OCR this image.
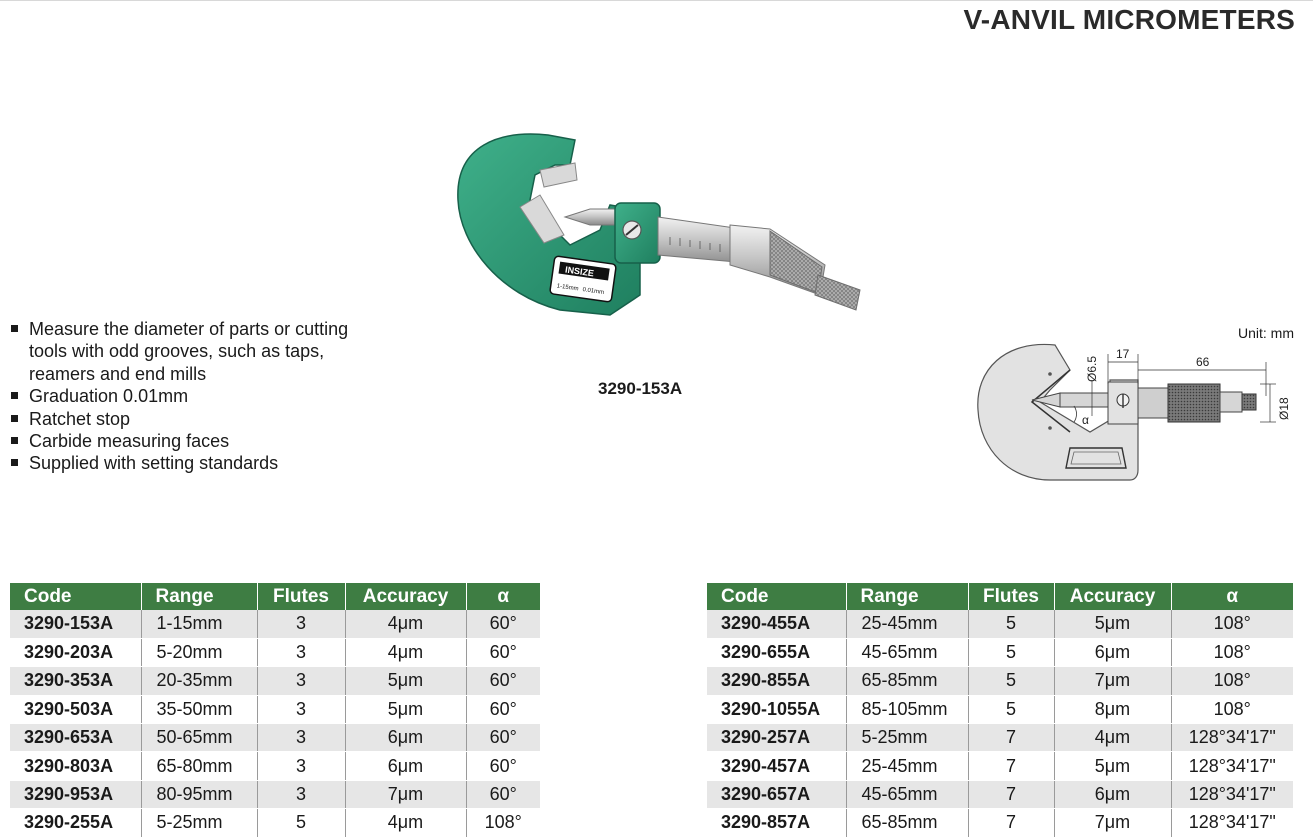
V-ANVIL MICROMETERS
INSIZE
1-15mm 0.01mm
3290-153A
Measure the diameter of parts or cutting tools with odd grooves, such as taps, reamers and end mills
Graduation 0.01mm
Ratchet stop
Carbide measuring faces
Supplied with setting standards
Unit: mm
α
Ø6.5
17
66
Ø18
Code	Range	Flutes	Accuracy	α
3290-153A	1-15mm	3	4μm	60°
3290-203A	5-20mm	3	4μm	60°
3290-353A	20-35mm	3	5μm	60°
3290-503A	35-50mm	3	5μm	60°
3290-653A	50-65mm	3	6μm	60°
3290-803A	65-80mm	3	6μm	60°
3290-953A	80-95mm	3	7μm	60°
3290-255A	5-25mm	5	4μm	108°
Code	Range	Flutes	Accuracy	α
3290-455A	25-45mm	5	5μm	108°
3290-655A	45-65mm	5	6μm	108°
3290-855A	65-85mm	5	7μm	108°
3290-1055A	85-105mm	5	8μm	108°
3290-257A	5-25mm	7	4μm	128°34'17"
3290-457A	25-45mm	7	5μm	128°34'17"
3290-657A	45-65mm	7	6μm	128°34'17"
3290-857A	65-85mm	7	7μm	128°34'17"
